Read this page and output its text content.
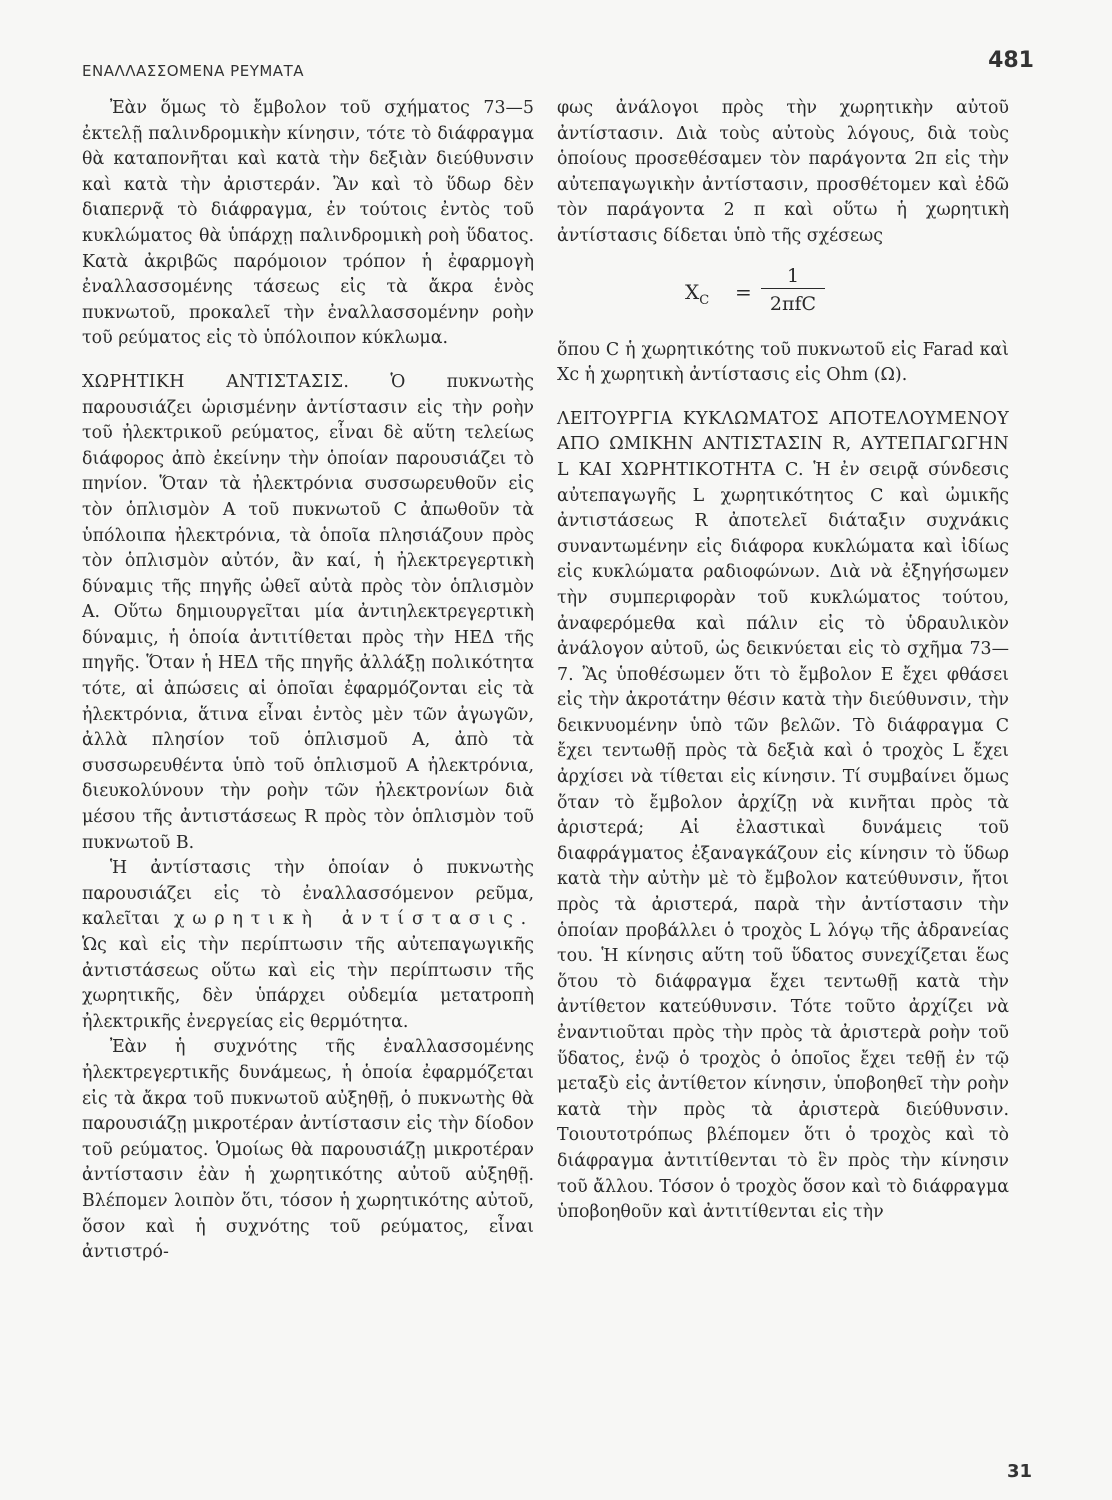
ΕΝΑΛΛΑΣΣΟΜΕΝΑ ΡΕΥΜΑΤΑ	481

Ἐὰν ὅμως τὸ ἔμβολον τοῦ σχήματος 73—5 ἐκτελῇ παλινδρομικὴν κίνησιν, τότε τὸ διάφραγμα θὰ καταπονῆται καὶ κατὰ τὴν δεξιὰν διεύθυνσιν καὶ κατὰ τὴν ἀριστεράν. Ἂν καὶ τὸ ὕδωρ δὲν διαπερνᾷ τὸ διάφραγμα, ἐν τούτοις ἐντὸς τοῦ κυκλώματος θὰ ὑπάρχῃ παλινδρομικὴ ροὴ ὕδατος. Κατὰ ἀκριβῶς παρόμοιον τρόπον ἡ ἐφαρμογὴ ἐναλλασσομένης τάσεως εἰς τὰ ἄκρα ἑνὸς πυκνωτοῦ, προκαλεῖ τὴν ἐναλλασσομένην ροὴν τοῦ ρεύματος εἰς τὸ ὑπόλοιπον κύκλωμα.

ΧΩΡΗΤΙΚΗ ΑΝΤΙΣΤΑΣΙΣ. Ὁ πυκνωτὴς παρουσιάζει ὡρισμένην ἀντίστασιν εἰς τὴν ροὴν τοῦ ἠλεκτρικοῦ ρεύματος, εἶναι δὲ αὕτη τελείως διάφορος ἀπὸ ἐκείνην τὴν ὁποίαν παρουσιάζει τὸ πηνίον. Ὅταν τὰ ἠλεκτρόνια συσσωρευθοῦν εἰς τὸν ὁπλισμὸν Α τοῦ πυκνωτοῦ C ἀπωθοῦν τὰ ὑπόλοιπα ἠλεκτρόνια, τὰ ὁποῖα πλησιάζουν πρὸς τὸν ὁπλισμὸν αὐτόν, ἂν καί, ἡ ἠλεκτρεγερτικὴ δύναμις τῆς πηγῆς ὠθεῖ αὐτὰ πρὸς τὸν ὁπλισμὸν Α. Οὕτω δημιουργεῖται μία ἀντιηλεκτρεγερτικὴ δύναμις, ἡ ὁποία ἀντιτίθεται πρὸς τὴν ΗΕΔ τῆς πηγῆς. Ὅταν ἡ ΗΕΔ τῆς πηγῆς ἀλλάξῃ πολικότητα τότε, αἱ ἀπώσεις αἱ ὁποῖαι ἐφαρμόζονται εἰς τὰ ἠλεκτρόνια, ἅτινα εἶναι ἐντὸς μὲν τῶν ἀγωγῶν, ἀλλὰ πλησίον τοῦ ὁπλισμοῦ Α, ἀπὸ τὰ συσσωρευθέντα ὑπὸ τοῦ ὁπλισμοῦ Α ἠλεκτρόνια, διευκολύνουν τὴν ροὴν τῶν ἠλεκτρονίων διὰ μέσου τῆς ἀντιστάσεως R πρὸς τὸν ὁπλισμὸν τοῦ πυκνωτοῦ Β.

Ἡ ἀντίστασις τὴν ὁποίαν ὁ πυκνωτὴς παρουσιάζει εἰς τὸ ἐναλλασσόμενον ρεῦμα, καλεῖται χωρητικὴ ἀντίστασις. Ὡς καὶ εἰς τὴν περίπτωσιν τῆς αὐτεπαγωγικῆς ἀντιστάσεως οὕτω καὶ εἰς τὴν περίπτωσιν τῆς χωρητικῆς, δὲν ὑπάρχει οὐδεμία μετατροπὴ ἠλεκτρικῆς ἐνεργείας εἰς θερμότητα.

Ἐὰν ἡ συχνότης τῆς ἐναλλασσομένης ἠλεκτρεγερτικῆς δυνάμεως, ἡ ὁποία ἐφαρμόζεται εἰς τὰ ἄκρα τοῦ πυκνωτοῦ αὐξηθῇ, ὁ πυκνωτὴς θὰ παρουσιάζῃ μικροτέραν ἀντίστασιν εἰς τὴν δίοδον τοῦ ρεύματος. Ὁμοίως θὰ παρουσιάζῃ μικροτέραν ἀντίστασιν ἐὰν ἡ χωρητικότης αὐτοῦ αὐξηθῇ. Βλέπομεν λοιπὸν ὅτι, τόσον ἡ χωρητικότης αὐτοῦ, ὅσον καὶ ἡ συχνότης τοῦ ρεύματος, εἶναι ἀντιστρό-

φως ἀνάλογοι πρὸς τὴν χωρητικὴν αὐτοῦ ἀντίστασιν. Διὰ τοὺς αὐτοὺς λόγους, διὰ τοὺς ὁποίους προσεθέσαμεν τὸν παράγοντα 2π εἰς τὴν αὐτεπαγωγικὴν ἀντίστασιν, προσθέτομεν καὶ ἐδῶ τὸν παράγοντα 2 π καὶ οὕτω ἡ χωρητικὴ ἀντίστασις δίδεται ὑπὸ τῆς σχέσεως

$X_C$ =
1
2πfC

ὅπου C ἡ χωρητικότης τοῦ πυκνωτοῦ εἰς Farad καὶ Xc ἡ χωρητικὴ ἀντίστασις εἰς Ohm (Ω).

ΛΕΙΤΟΥΡΓΙΑ ΚΥΚΛΩΜΑΤΟΣ ΑΠΟΤΕΛΟΥΜΕΝΟΥ ΑΠΟ ΩΜΙΚΗΝ ΑΝΤΙΣΤΑΣΙΝ R, ΑΥΤΕΠΑΓΩΓΗΝ L ΚΑΙ ΧΩΡΗΤΙΚΟΤΗΤΑ C. Ἡ ἐν σειρᾷ σύνδεσις αὐτεπαγωγῆς L χωρητικότητος C καὶ ὠμικῆς ἀντιστάσεως R ἀποτελεῖ διάταξιν συχνάκις συναντωμένην εἰς διάφορα κυκλώματα καὶ ἰδίως εἰς κυκλώματα ραδιοφώνων. Διὰ νὰ ἐξηγήσωμεν τὴν συμπεριφορὰν τοῦ κυκλώματος τούτου, ἀναφερόμεθα καὶ πάλιν εἰς τὸ ὑδραυλικὸν ἀνάλογον αὐτοῦ, ὡς δεικνύεται εἰς τὸ σχῆμα 73—7. Ἂς ὑποθέσωμεν ὅτι τὸ ἔμβολον Ε ἔχει φθάσει εἰς τὴν ἀκροτάτην θέσιν κατὰ τὴν διεύθυνσιν, τὴν δεικνυομένην ὑπὸ τῶν βελῶν. Τὸ διάφραγμα C ἔχει τεντωθῇ πρὸς τὰ δεξιὰ καὶ ὁ τροχὸς L ἔχει ἀρχίσει νὰ τίθεται εἰς κίνησιν. Τί συμβαίνει ὅμως ὅταν τὸ ἔμβολον ἀρχίζῃ νὰ κινῆται πρὸς τὰ ἀριστερά; Αἱ ἐλαστικαὶ δυνάμεις τοῦ διαφράγματος ἐξαναγκάζουν εἰς κίνησιν τὸ ὕδωρ κατὰ τὴν αὐτὴν μὲ τὸ ἔμβολον κατεύθυνσιν, ἤτοι πρὸς τὰ ἀριστερά, παρὰ τὴν ἀντίστασιν τὴν ὁποίαν προβάλλει ὁ τροχὸς L λόγῳ τῆς ἀδρανείας του. Ἡ κίνησις αὕτη τοῦ ὕδατος συνεχίζεται ἕως ὅτου τὸ διάφραγμα ἔχει τεντωθῇ κατὰ τὴν ἀντίθετον κατεύθυνσιν. Τότε τοῦτο ἀρχίζει νὰ ἐναντιοῦται πρὸς τὴν πρὸς τὰ ἀριστερὰ ροὴν τοῦ ὕδατος, ἐνῷ ὁ τροχὸς ὁ ὁποῖος ἔχει τεθῇ ἐν τῷ μεταξὺ εἰς ἀντίθετον κίνησιν, ὑποβοηθεῖ τὴν ροὴν κατὰ τὴν πρὸς τὰ ἀριστερὰ διεύθυνσιν. Τοιουτοτρόπως βλέπομεν ὅτι ὁ τροχὸς καὶ τὸ διάφραγμα ἀντιτίθενται τὸ ἓν πρὸς τὴν κίνησιν τοῦ ἄλλου. Τόσον ὁ τροχὸς ὅσον καὶ τὸ διάφραγμα ὑποβοηθοῦν καὶ ἀντιτίθενται εἰς τὴν

31
